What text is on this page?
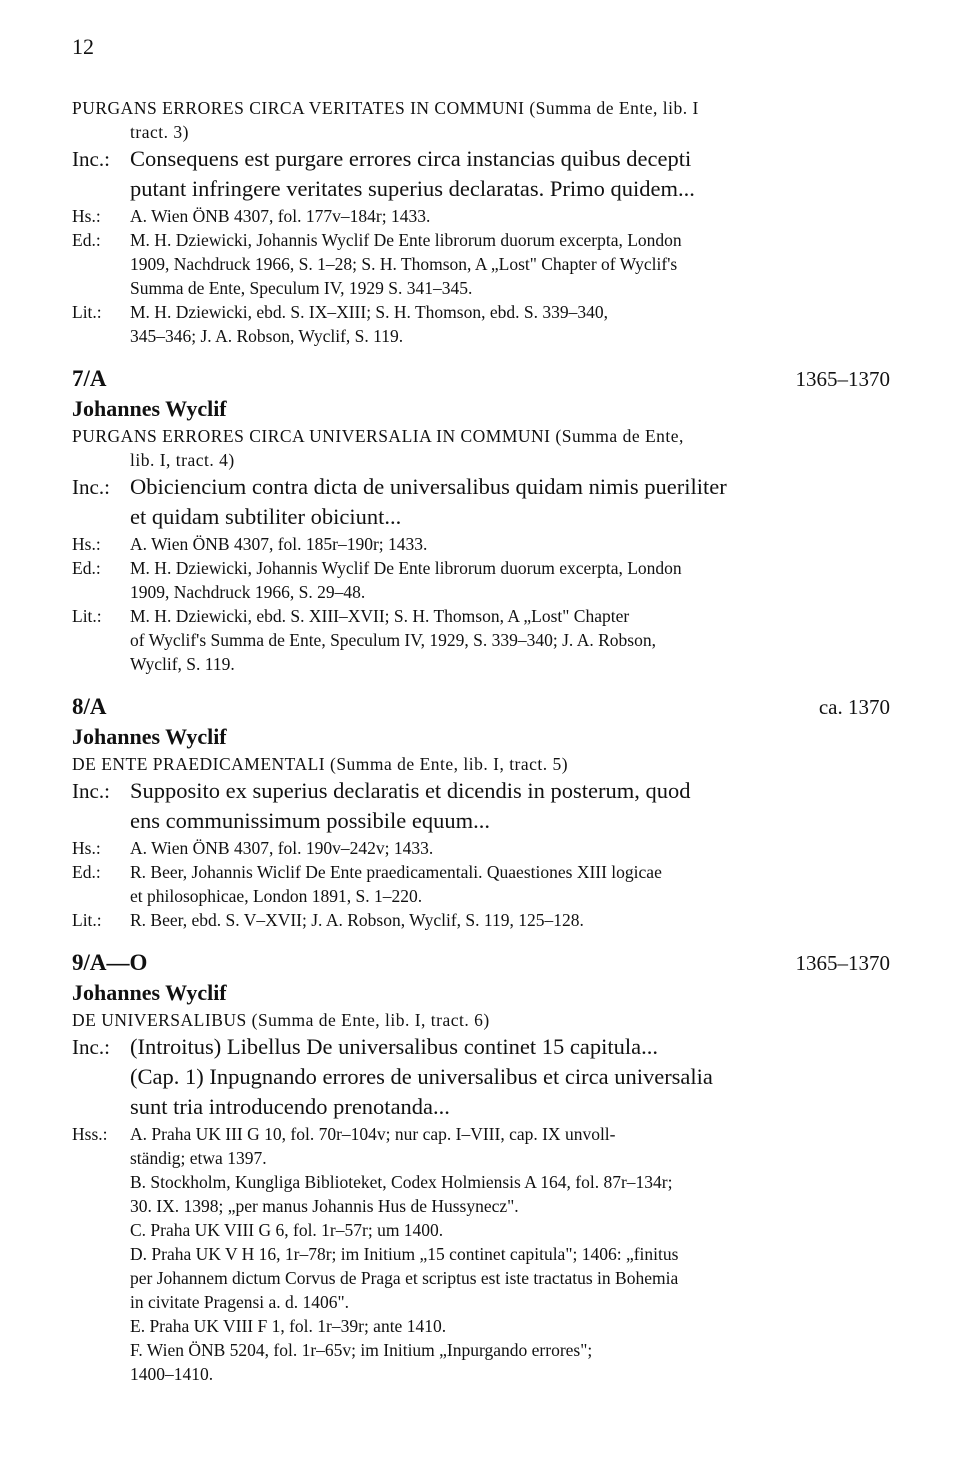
12
PURGANS ERRORES CIRCA VERITATES IN COMMUNI (Summa de Ente, lib. I
tract. 3)
Inc.: Consequens est purgare errores circa instancias quibus decepti
putant infringere veritates superius declaratas. Primo quidem...
Hs.:	A. Wien ÖNB 4307, fol. 177v–184r; 1433.
Ed.:	M. H. Dziewicki, Johannis Wyclif De Ente librorum duorum excerpta, London
1909, Nachdruck 1966, S. 1–28; S. H. Thomson, A „Lost" Chapter of Wyclif's
Summa de Ente, Speculum IV, 1929 S. 341–345.
Lit.:	M. H. Dziewicki, ebd. S. IX–XIII; S. H. Thomson, ebd. S. 339–340,
345–346; J. A. Robson, Wyclif, S. 119.
7/A	1365–1370
Johannes Wyclif
PURGANS ERRORES CIRCA UNIVERSALIA IN COMMUNI (Summa de Ente,
lib. I, tract. 4)
Inc.: Obiciencium contra dicta de universalibus quidam nimis pueriliter
et quidam subtiliter obiciunt...
Hs.:	A. Wien ÖNB 4307, fol. 185r–190r; 1433.
Ed.:	M. H. Dziewicki, Johannis Wyclif De Ente librorum duorum excerpta, London
1909, Nachdruck 1966, S. 29–48.
Lit.:	M. H. Dziewicki, ebd. S. XIII–XVII; S. H. Thomson, A „Lost" Chapter
of Wyclif's Summa de Ente, Speculum IV, 1929, S. 339–340; J. A. Robson,
Wyclif, S. 119.
8/A	ca. 1370
Johannes Wyclif
DE ENTE PRAEDICAMENTALI (Summa de Ente, lib. I, tract. 5)
Inc.: Supposito ex superius declaratis et dicendis in posterum, quod
ens communissimum possibile equum...
Hs.:	A. Wien ÖNB 4307, fol. 190v–242v; 1433.
Ed.:	R. Beer, Johannis Wiclif De Ente praedicamentali. Quaestiones XIII logicae
et philosophicae, London 1891, S. 1–220.
Lit.:	R. Beer, ebd. S. V–XVII; J. A. Robson, Wyclif, S. 119, 125–128.
9/A—O	1365–1370
Johannes Wyclif
DE UNIVERSALIBUS (Summa de Ente, lib. I, tract. 6)
Inc.: (Introitus) Libellus De universalibus continet 15 capitula...
(Cap. 1) Inpugnando errores de universalibus et circa universalia
sunt tria introducendo prenotanda...
Hss.:	A. Praha UK III G 10, fol. 70r–104v; nur cap. I–VIII, cap. IX unvoll-
ständig; etwa 1397.
B. Stockholm, Kungliga Biblioteket, Codex Holmiensis A 164, fol. 87r–134r;
30. IX. 1398; „per manus Johannis Hus de Hussynecz".
C. Praha UK VIII G 6, fol. 1r–57r; um 1400.
D. Praha UK V H 16, 1r–78r; im Initium „15 continet capitula"; 1406: „finitus
per Johannem dictum Corvus de Praga et scriptus est iste tractatus in Bohemia
in civitate Pragensi a. d. 1406".
E. Praha UK VIII F 1, fol. 1r–39r; ante 1410.
F. Wien ÖNB 5204, fol. 1r–65v; im Initium „Inpurgando errores";
1400–1410.
